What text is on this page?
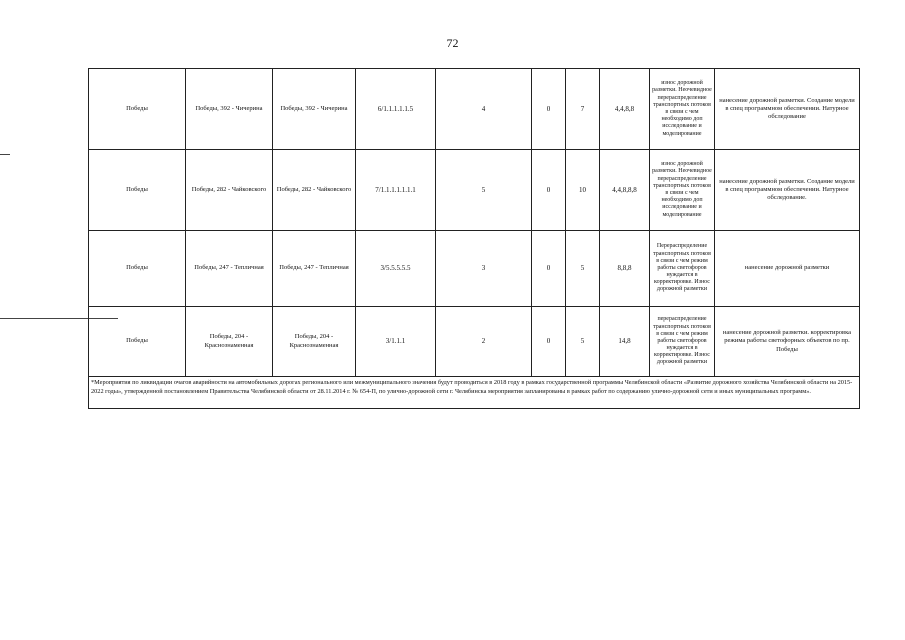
72
Победы	Победы, 392 - Чичерина	Победы, 392 - Чичерина	6/1.1.1.1.1.5	4	0	7	4,4,8,8	износ дорожной разметки. Неочевидное перераспределение транспортных потоков в связи с чем необходимо доп исследование и моделирование	нанесение дорожной разметки. Создание модели в спец программном обеспечении. Натурное обследование
Победы	Победы, 282 - Чайковского	Победы, 282 - Чайковского	7/1.1.1.1.1.1.1	5	0	10	4,4,8,8,8	износ дорожной разметки. Неочевидное перераспределение транспортных потоков в связи с чем необходимо доп исследование и моделирование	нанесение дорожной разметки. Создание модели в спец программном обеспечении. Натурное обследование.
Победы	Победы, 247 - Тепличная	Победы, 247 - Тепличная	3/5.5.5.5.5	3	0	5	8,8,8	Перераспределение транспортных потоков в связи с чем режим работы светофоров нуждается в корректировке. Износ дорожной разметки	нанесение дорожной разметки
Победы	Победы, 204 - Краснознаменная	Победы, 204 - Краснознаменная	3/1.1.1	2	0	5	14,8	перераспределение транспортных потоков в связи с чем режим работы светофоров нуждается в корректировке. Износ дорожной разметки	нанесение дорожной разметки. корректировка режима работы светофорных объектов по пр. Победы
*Мероприятия по ликвидации очагов аварийности на автомобильных дорогах регионального или межмуниципального значения будут проводиться в 2018 году в рамках государственной программы Челябинской области «Развитие дорожного хозяйства Челябинской области на 2015-2022 годы», утвержденной постановлением Правительства Челябинской области от 28.11.2014 г. № 654-П, по улично-дорожной сети г. Челябинска мероприятия запланированы в рамках работ по содержанию улично-дорожной сети и иных муниципальных программ».									
